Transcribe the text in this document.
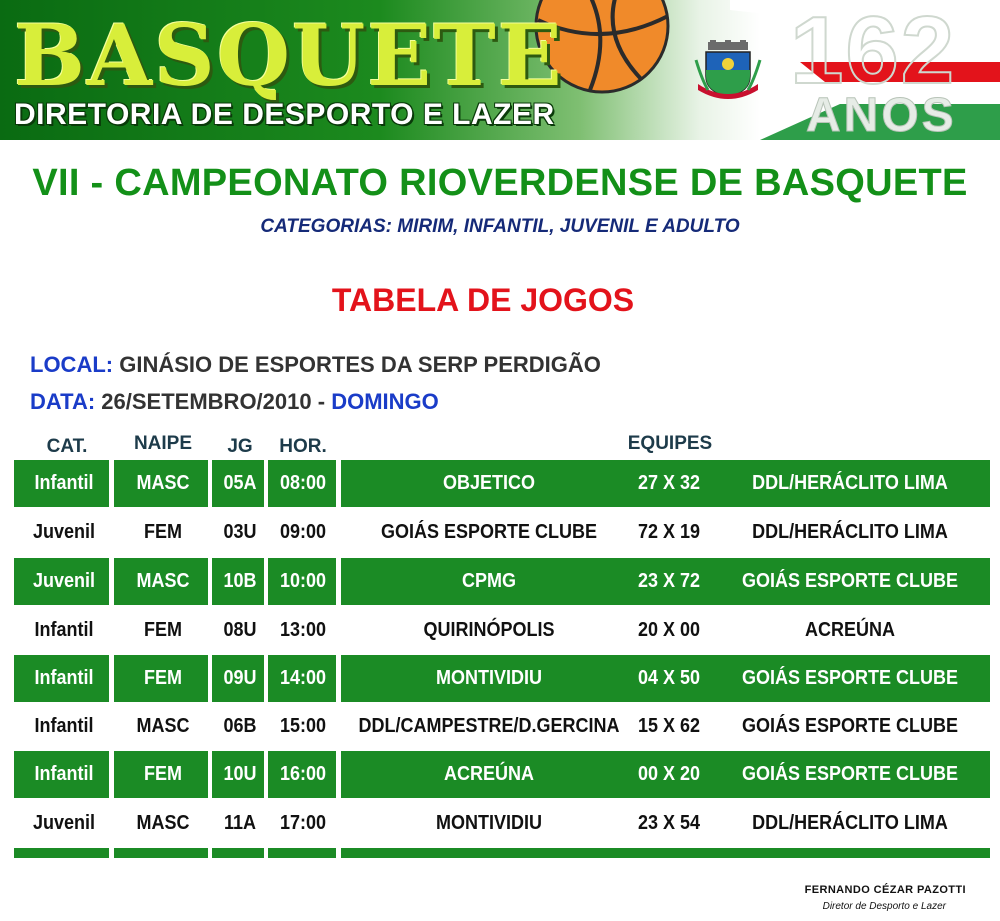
162
ANOS
BASQUETE
DIRETORIA DE DESPORTO E LAZER
VII - CAMPEONATO RIOVERDENSE DE BASQUETE
CATEGORIAS: MIRIM, INFANTIL, JUVENIL E ADULTO
TABELA DE JOGOS
LOCAL: GINÁSIO DE ESPORTES DA SERP PERDIGÃO
DATA: 26/SETEMBRO/2010 - DOMINGO
CAT.	NAIPE	JG	HOR.	EQUIPES
Infantil	MASC	05A	08:00	OBJETICO	27 X 32	DDL/HERÁCLITO LIMA
Juvenil	FEM	03U	09:00	GOIÁS ESPORTE CLUBE	72 X 19	DDL/HERÁCLITO LIMA
Juvenil	MASC	10B	10:00	CPMG	23 X 72	GOIÁS ESPORTE CLUBE
Infantil	FEM	08U	13:00	QUIRINÓPOLIS	20 X 00	ACREÚNA
Infantil	FEM	09U	14:00	MONTIVIDIU	04 X 50	GOIÁS ESPORTE CLUBE
Infantil	MASC	06B	15:00	DDL/CAMPESTRE/D.GERCINA 15 X 62	GOIÁS ESPORTE CLUBE
Infantil	FEM	10U	16:00	ACREÚNA	00 X 20	GOIÁS ESPORTE CLUBE
Juvenil	MASC	11A	17:00	MONTIVIDIU	23 X 54	DDL/HERÁCLITO LIMA
FERNANDO CÉZAR PAZOTTI
Diretor de Desporto e Lazer
